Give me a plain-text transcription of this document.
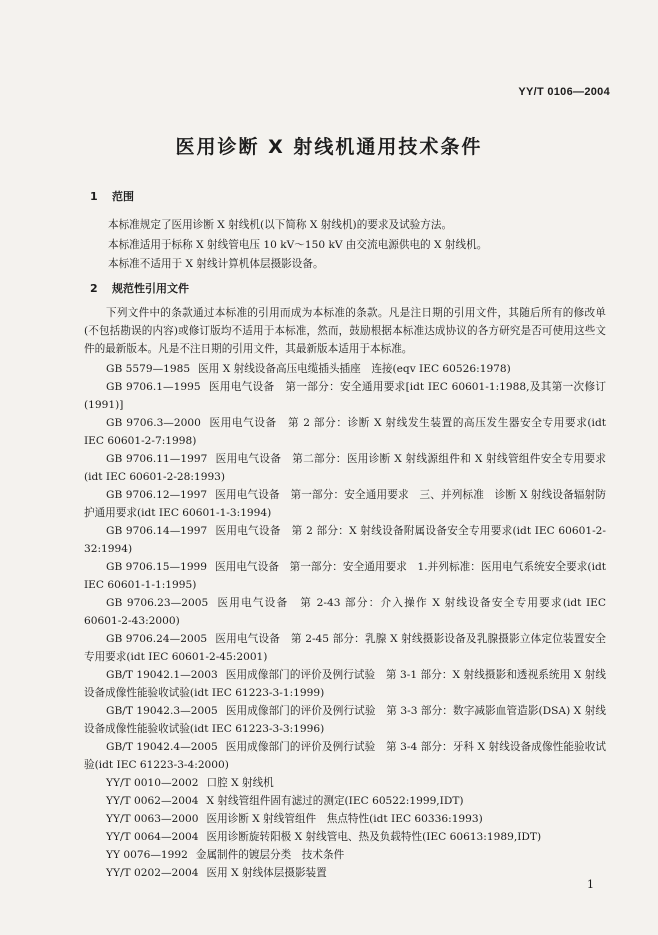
YY/T 0106—2004
医用诊断 X 射线机通用技术条件
1 范围
本标准规定了医用诊断 X 射线机(以下简称 X 射线机)的要求及试验方法。
本标准适用于标称 X 射线管电压 10 kV～150 kV 由交流电源供电的 X 射线机。
本标准不适用于 X 射线计算机体层摄影设备。
2 规范性引用文件
下列文件中的条款通过本标准的引用而成为本标准的条款。凡是注日期的引用文件，其随后所有的修改单(不包括勘误的内容)或修订版均不适用于本标准，然而，鼓励根据本标准达成协议的各方研究是否可使用这些文件的最新版本。凡是不注日期的引用文件，其最新版本适用于本标准。
GB 5579—1985 医用 X 射线设备高压电缆插头插座　连接(eqv IEC 60526:1978)
GB 9706.1—1995 医用电气设备　第一部分：安全通用要求[idt IEC 60601-1:1988,及其第一次修订(1991)]
GB 9706.3—2000 医用电气设备　第 2 部分：诊断 X 射线发生装置的高压发生器安全专用要求(idt IEC 60601-2-7:1998)
GB 9706.11—1997 医用电气设备　第二部分：医用诊断 X 射线源组件和 X 射线管组件安全专用要求(idt IEC 60601-2-28:1993)
GB 9706.12—1997 医用电气设备　第一部分：安全通用要求　三、并列标准　诊断 X 射线设备辐射防护通用要求(idt IEC 60601-1-3:1994)
GB 9706.14—1997 医用电气设备　第 2 部分：X 射线设备附属设备安全专用要求(idt IEC 60601-2-32:1994)
GB 9706.15—1999 医用电气设备　第一部分：安全通用要求　1.并列标准：医用电气系统安全要求(idt IEC 60601-1-1:1995)
GB 9706.23—2005 医用电气设备　第 2-43 部分：介入操作 X 射线设备安全专用要求(idt IEC 60601-2-43:2000)
GB 9706.24—2005 医用电气设备　第 2-45 部分：乳腺 X 射线摄影设备及乳腺摄影立体定位装置安全专用要求(idt IEC 60601-2-45:2001)
GB/T 19042.1—2003 医用成像部门的评价及例行试验　第 3-1 部分：X 射线摄影和透视系统用 X 射线设备成像性能验收试验(idt IEC 61223-3-1:1999)
GB/T 19042.3—2005 医用成像部门的评价及例行试验　第 3-3 部分：数字减影血管造影(DSA) X 射线设备成像性能验收试验(idt IEC 61223-3-3:1996)
GB/T 19042.4—2005 医用成像部门的评价及例行试验　第 3-4 部分：牙科 X 射线设备成像性能验收试验(idt IEC 61223-3-4:2000)
YY/T 0010—2002 口腔 X 射线机
YY/T 0062—2004 X 射线管组件固有滤过的测定(IEC 60522:1999,IDT)
YY/T 0063—2000 医用诊断 X 射线管组件　焦点特性(idt IEC 60336:1993)
YY/T 0064—2004 医用诊断旋转阳极 X 射线管电、热及负载特性(IEC 60613:1989,IDT)
YY 0076—1992 金属制件的镀层分类　技术条件
YY/T 0202—2004 医用 X 射线体层摄影装置
1
